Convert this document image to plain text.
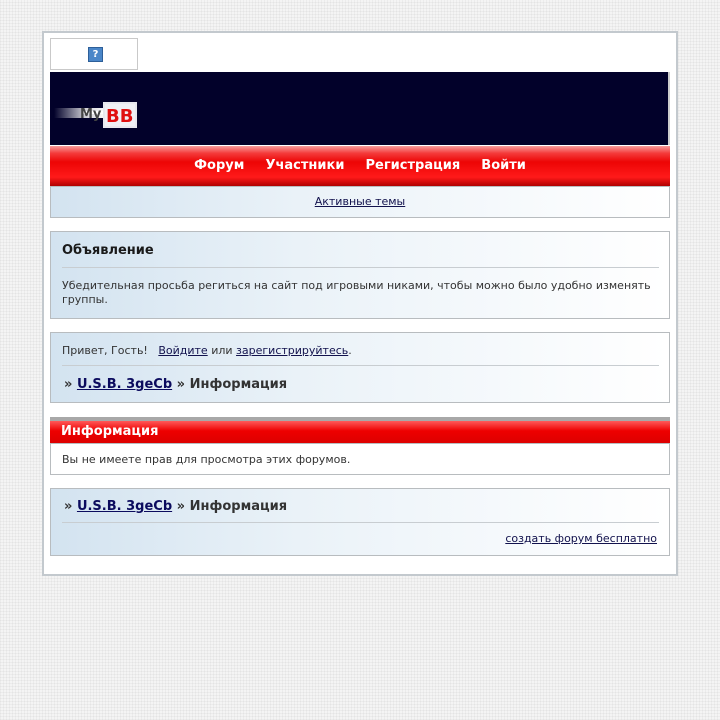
?
My BB
Форум Участники Регистрация Войти
Активные темы
Объявление
Убедительная просьба региться на сайт под игровыми никами, чтобы можно было удобно изменять группы.
Привет, Гость! Войдите или зарегистрируйтесь.
» U.S.B. 3geCb » Информация
Информация
Вы не имеете прав для просмотра этих форумов.
» U.S.B. 3geCb » Информация
создать форум бесплатно
